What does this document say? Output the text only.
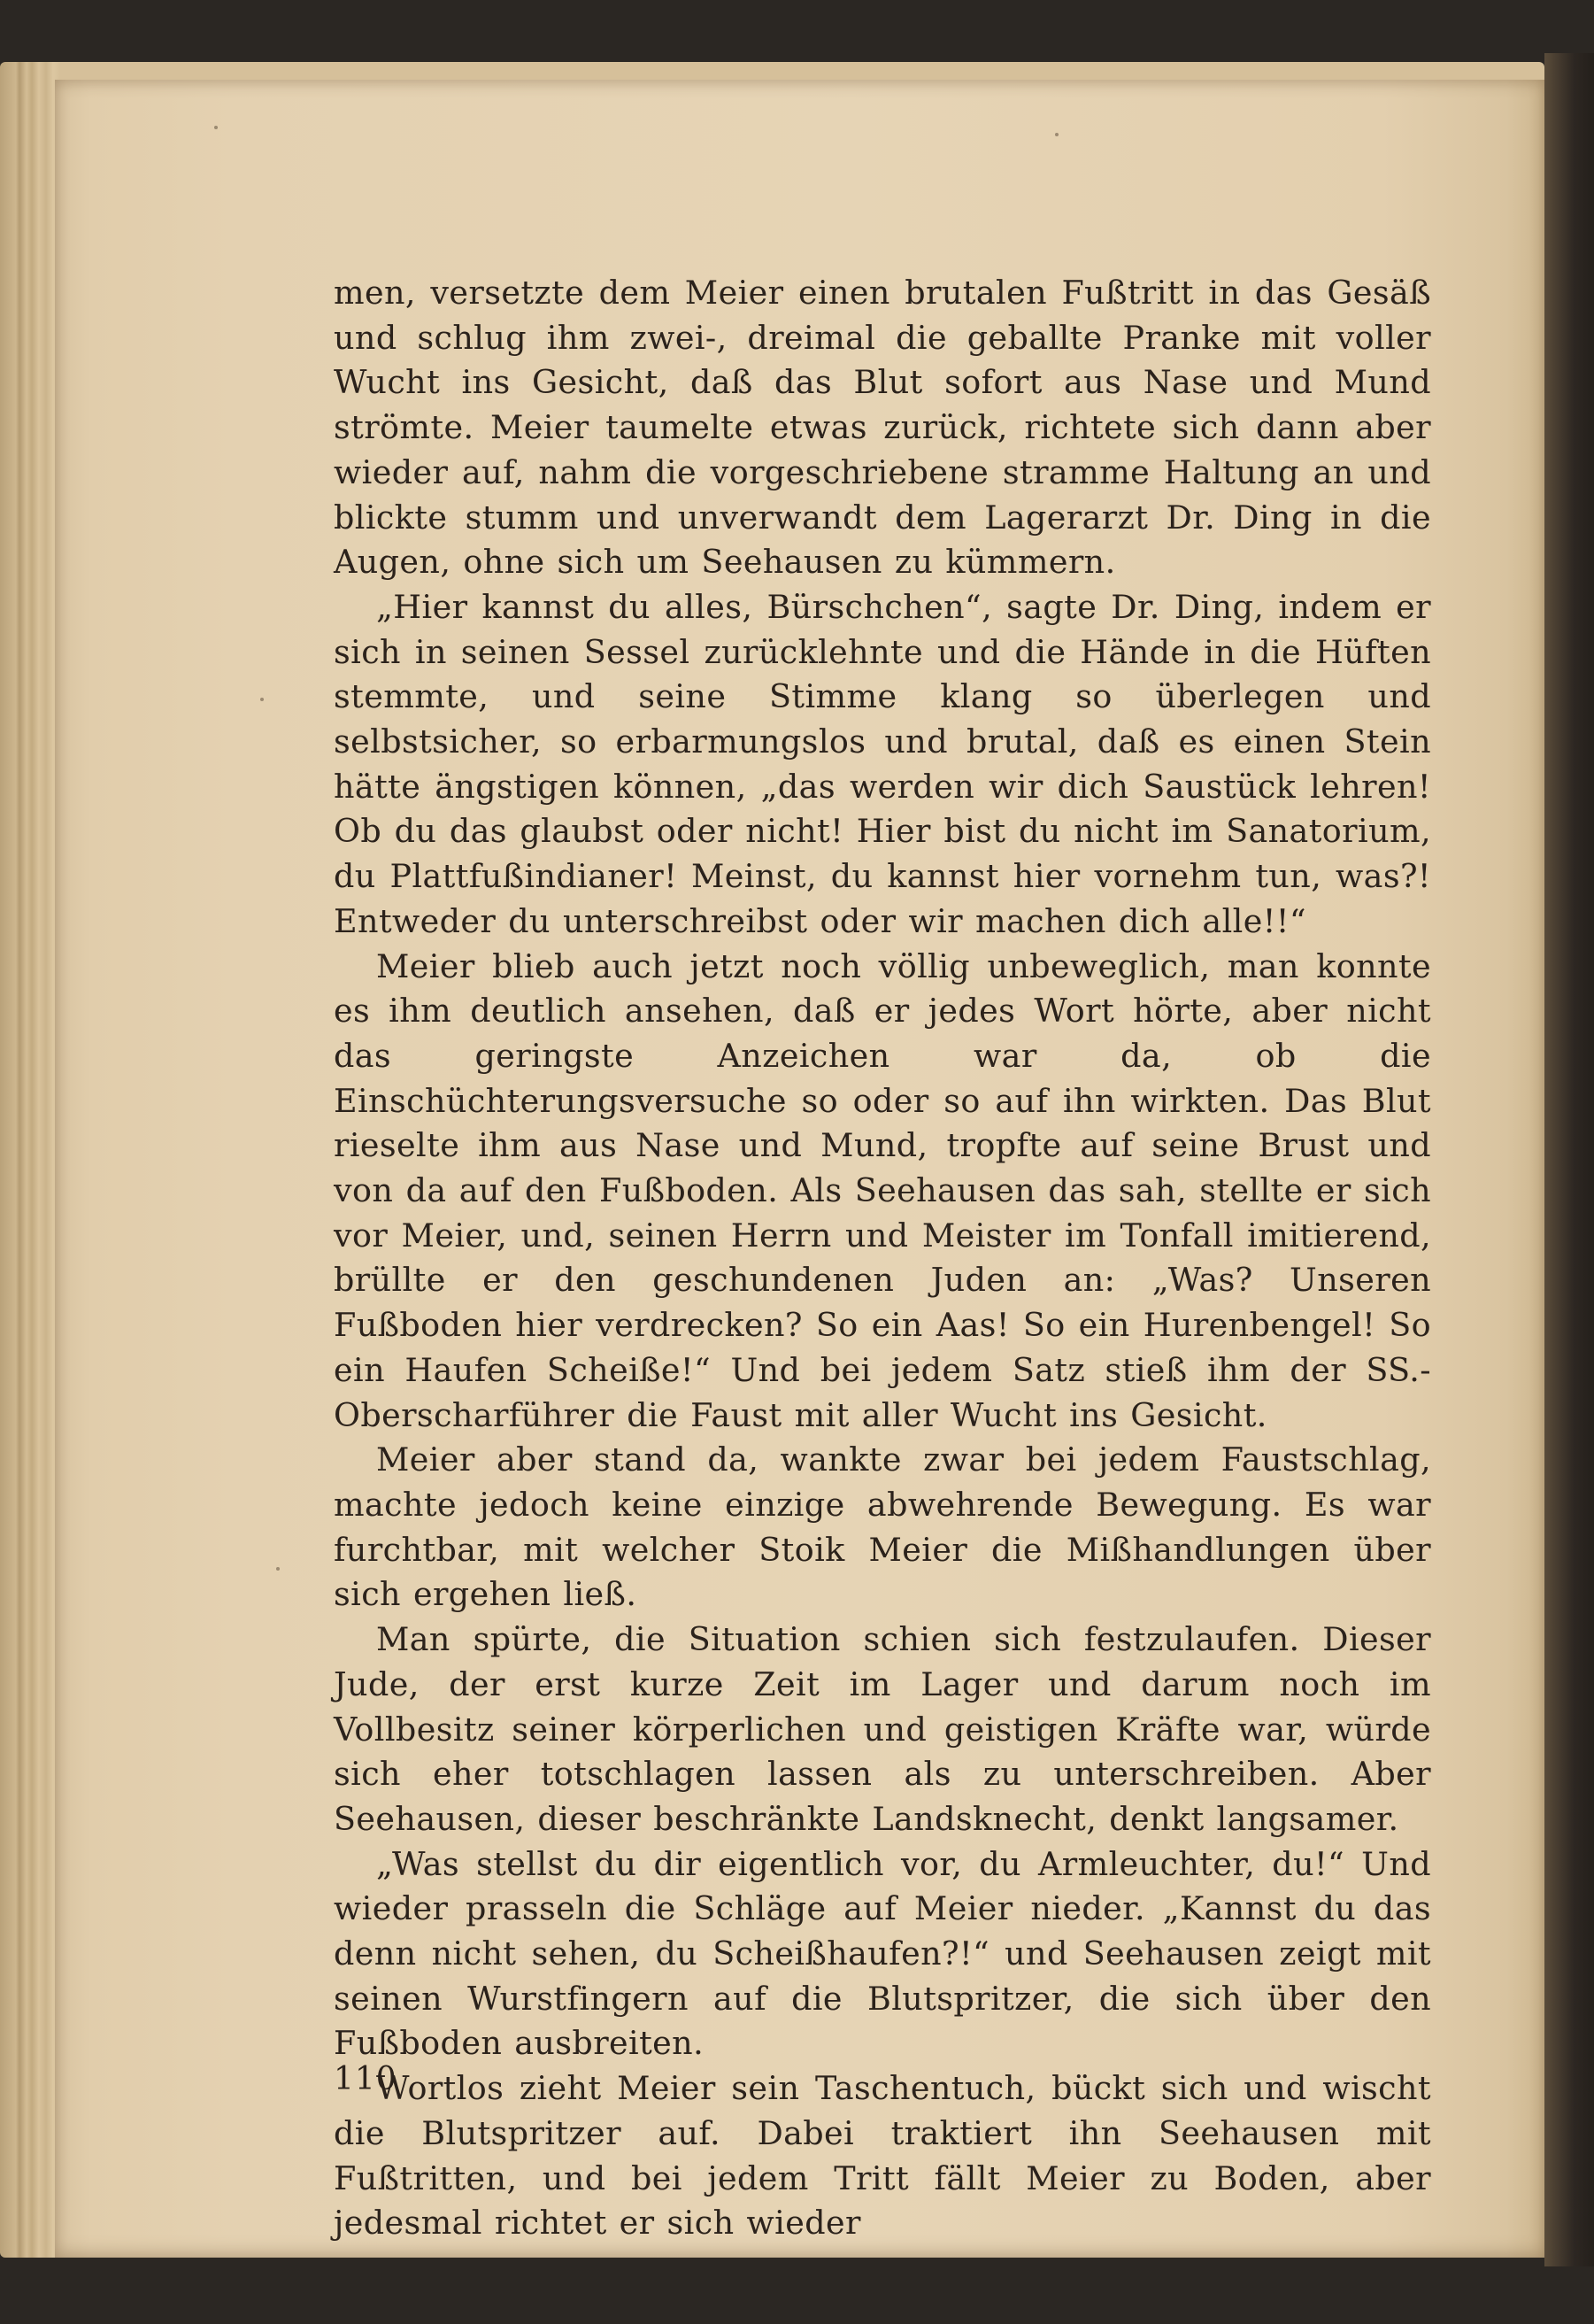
men, versetzte dem Meier einen brutalen Fußtritt in das Gesäß und schlug ihm zwei-, dreimal die geballte Pranke mit voller Wucht ins Gesicht, daß das Blut sofort aus Nase und Mund strömte. Meier taumelte etwas zurück, richtete sich dann aber wieder auf, nahm die vorgeschriebene stramme Haltung an und blickte stumm und unverwandt dem Lagerarzt Dr. Ding in die Augen, ohne sich um Seehausen zu kümmern.

„Hier kannst du alles, Bürschchen“, sagte Dr. Ding, indem er sich in seinen Sessel zurücklehnte und die Hände in die Hüften stemmte, und seine Stimme klang so überlegen und selbstsicher, so erbarmungslos und brutal, daß es einen Stein hätte ängstigen können, „das werden wir dich Saustück lehren! Ob du das glaubst oder nicht! Hier bist du nicht im Sanatorium, du Plattfußindianer! Meinst, du kannst hier vornehm tun, was?! Entweder du unterschreibst oder wir machen dich alle!!“

Meier blieb auch jetzt noch völlig unbeweglich, man konnte es ihm deutlich ansehen, daß er jedes Wort hörte, aber nicht das geringste Anzeichen war da, ob die Einschüchterungsversuche so oder so auf ihn wirkten. Das Blut rieselte ihm aus Nase und Mund, tropfte auf seine Brust und von da auf den Fußboden. Als Seehausen das sah, stellte er sich vor Meier, und, seinen Herrn und Meister im Tonfall imitierend, brüllte er den geschundenen Juden an: „Was? Unseren Fußboden hier verdrecken? So ein Aas! So ein Hurenbengel! So ein Haufen Scheiße!“ Und bei jedem Satz stieß ihm der SS.-Oberscharführer die Faust mit aller Wucht ins Gesicht.

Meier aber stand da, wankte zwar bei jedem Faustschlag, machte jedoch keine einzige abwehrende Bewegung. Es war furchtbar, mit welcher Stoik Meier die Mißhandlungen über sich ergehen ließ.

Man spürte, die Situation schien sich festzulaufen. Dieser Jude, der erst kurze Zeit im Lager und darum noch im Vollbesitz seiner körperlichen und geistigen Kräfte war, würde sich eher totschlagen lassen als zu unterschreiben. Aber Seehausen, dieser beschränkte Landsknecht, denkt langsamer.

„Was stellst du dir eigentlich vor, du Armleuchter, du!“ Und wieder prasseln die Schläge auf Meier nieder. „Kannst du das denn nicht sehen, du Scheißhaufen?!“ und Seehausen zeigt mit seinen Wurstfingern auf die Blutspritzer, die sich über den Fußboden ausbreiten.

Wortlos zieht Meier sein Taschentuch, bückt sich und wischt die Blutspritzer auf. Dabei traktiert ihn Seehausen mit Fußtritten, und bei jedem Tritt fällt Meier zu Boden, aber jedesmal richtet er sich wieder

110
